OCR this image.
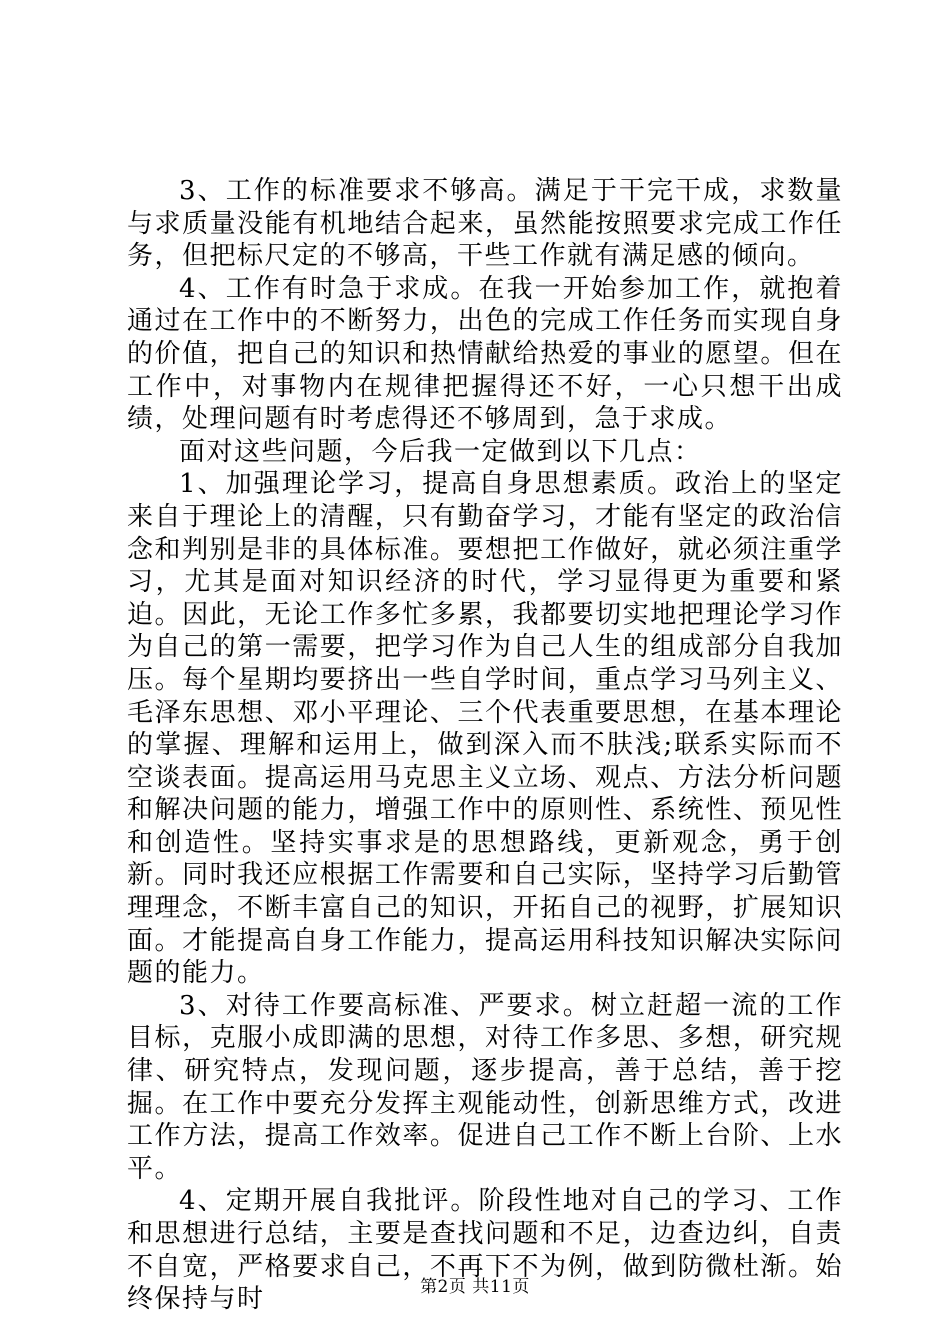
3、工作的标准要求不够高。满足于干完干成，求数量与求质量没能有机地结合起来，虽然能按照要求完成工作任务，但把标尺定的不够高，干些工作就有满足感的倾向。

4、工作有时急于求成。在我一开始参加工作，就抱着通过在工作中的不断努力，出色的完成工作任务而实现自身的价值，把自己的知识和热情献给热爱的事业的愿望。但在工作中，对事物内在规律把握得还不好，一心只想干出成绩，处理问题有时考虑得还不够周到，急于求成。

面对这些问题，今后我一定做到以下几点：

1、加强理论学习，提高自身思想素质。政治上的坚定来自于理论上的清醒，只有勤奋学习，才能有坚定的政治信念和判别是非的具体标准。要想把工作做好，就必须注重学习，尤其是面对知识经济的时代，学习显得更为重要和紧迫。因此，无论工作多忙多累，我都要切实地把理论学习作为自己的第一需要，把学习作为自己人生的组成部分自我加压。每个星期均要挤出一些自学时间，重点学习马列主义、毛泽东思想、邓小平理论、三个代表重要思想，在基本理论的掌握、理解和运用上，做到深入而不肤浅;联系实际而不空谈表面。提高运用马克思主义立场、观点、方法分析问题和解决问题的能力，增强工作中的原则性、系统性、预见性和创造性。坚持实事求是的思想路线，更新观念，勇于创新。同时我还应根据工作需要和自己实际，坚持学习后勤管理理念，不断丰富自己的知识，开拓自己的视野，扩展知识面。才能提高自身工作能力，提高运用科技知识解决实际问题的能力。

3、对待工作要高标准、严要求。树立赶超一流的工作目标，克服小成即满的思想，对待工作多思、多想，研究规律、研究特点，发现问题，逐步提高，善于总结，善于挖掘。在工作中要充分发挥主观能动性，创新思维方式，改进工作方法，提高工作效率。促进自己工作不断上台阶、上水平。

4、定期开展自我批评。阶段性地对自己的学习、工作和思想进行总结，主要是查找问题和不足，边查边纠，自责不自宽，严格要求自己，不再下不为例，做到防微杜渐。始终保持与时	第2页 共11页
